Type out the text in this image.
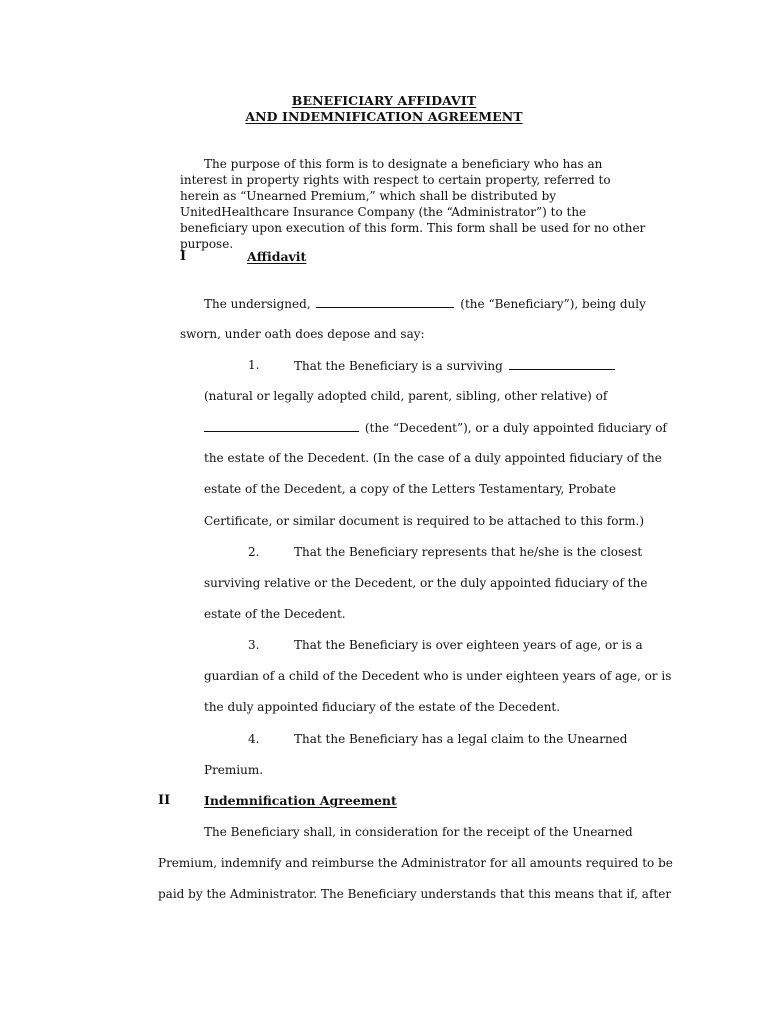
BENEFICIARY AFFIDAVIT
AND INDEMNIFICATION AGREEMENT
The purpose of this form is to designate a beneficiary who has an interest in property rights with respect to certain property, referred to herein as “Unearned Premium,” which shall be distributed by UnitedHealthcare Insurance Company (the “Administrator”) to the beneficiary upon execution of this form. This form shall be used for no other purpose.
I	Affidavit
The undersigned,	(the “Beneficiary”), being duly
sworn, under oath does depose and say:
1.	That the Beneficiary is a surviving
(natural or legally adopted child, parent, sibling, other relative) of
(the “Decedent”), or a duly appointed fiduciary of
the estate of the Decedent. (In the case of a duly appointed fiduciary of the
estate of the Decedent, a copy of the Letters Testamentary, Probate
Certificate, or similar document is required to be attached to this form.)
2.	That the Beneficiary represents that he/she is the closest
surviving relative or the Decedent, or the duly appointed fiduciary of the
estate of the Decedent.
3.	That the Beneficiary is over eighteen years of age, or is a
guardian of a child of the Decedent who is under eighteen years of age, or is
the duly appointed fiduciary of the estate of the Decedent.
4.	That the Beneficiary has a legal claim to the Unearned
Premium.
II	Indemnification Agreement
The Beneficiary shall, in consideration for the receipt of the Unearned
Premium, indemnify and reimburse the Administrator for all amounts required to be
paid by the Administrator. The Beneficiary understands that this means that if, after
